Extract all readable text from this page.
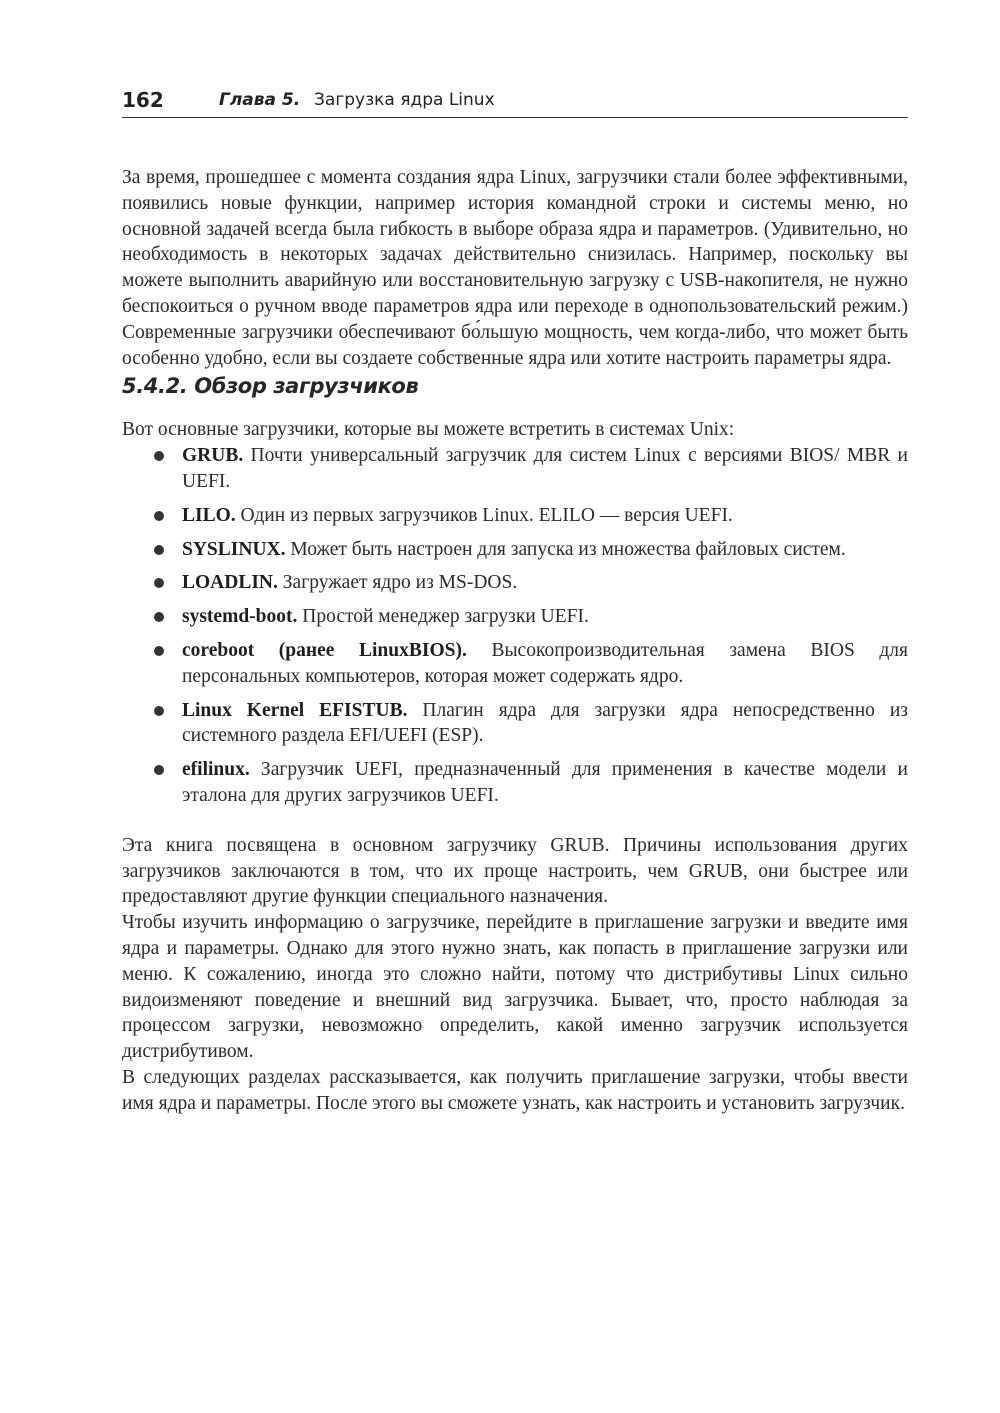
162	Глава 5. Загрузка ядра Linux

За время, прошедшее с момента создания ядра Linux, загрузчики стали более эффективными, появились новые функции, например история командной строки и системы меню, но основной задачей всегда была гибкость в выборе образа ядра и параметров. (Удивительно, но необходимость в некоторых задачах действительно снизилась. Например, поскольку вы можете выполнить аварийную или восстановительную загрузку с USB-накопителя, не нужно беспокоиться о ручном вводе параметров ядра или переходе в однопользовательский режим.) Современные загрузчики обеспечивают бо́льшую мощность, чем когда-либо, что может быть особенно удобно, если вы создаете собственные ядра или хотите настроить параметры ядра.

5.4.2. Обзор загрузчиков

Вот основные загрузчики, которые вы можете встретить в системах Unix:

GRUB. Почти универсальный загрузчик для систем Linux с версиями BIOS/ MBR и UEFI.

LILO. Один из первых загрузчиков Linux. ELILO — версия UEFI.

SYSLINUX. Может быть настроен для запуска из множества файловых систем.

LOADLIN. Загружает ядро из MS-DOS.

systemd-boot. Простой менеджер загрузки UEFI.

coreboot (ранее LinuxBIOS). Высокопроизводительная замена BIOS для персональных компьютеров, которая может содержать ядро.

Linux Kernel EFISTUB. Плагин ядра для загрузки ядра непосредственно из системного раздела EFI/UEFI (ESP).

efilinux. Загрузчик UEFI, предназначенный для применения в качестве модели и эталона для других загрузчиков UEFI.

Эта книга посвящена в основном загрузчику GRUB. Причины использования других загрузчиков заключаются в том, что их проще настроить, чем GRUB, они быстрее или предоставляют другие функции специального назначения.

Чтобы изучить информацию о загрузчике, перейдите в приглашение загрузки и введите имя ядра и параметры. Однако для этого нужно знать, как попасть в приглашение загрузки или меню. К сожалению, иногда это сложно найти, потому что дистрибутивы Linux сильно видоизменяют поведение и внешний вид загрузчика. Бывает, что, просто наблюдая за процессом загрузки, невозможно определить, какой именно загрузчик используется дистрибутивом.

В следующих разделах рассказывается, как получить приглашение загрузки, чтобы ввести имя ядра и параметры. После этого вы сможете узнать, как настроить и установить загрузчик.
